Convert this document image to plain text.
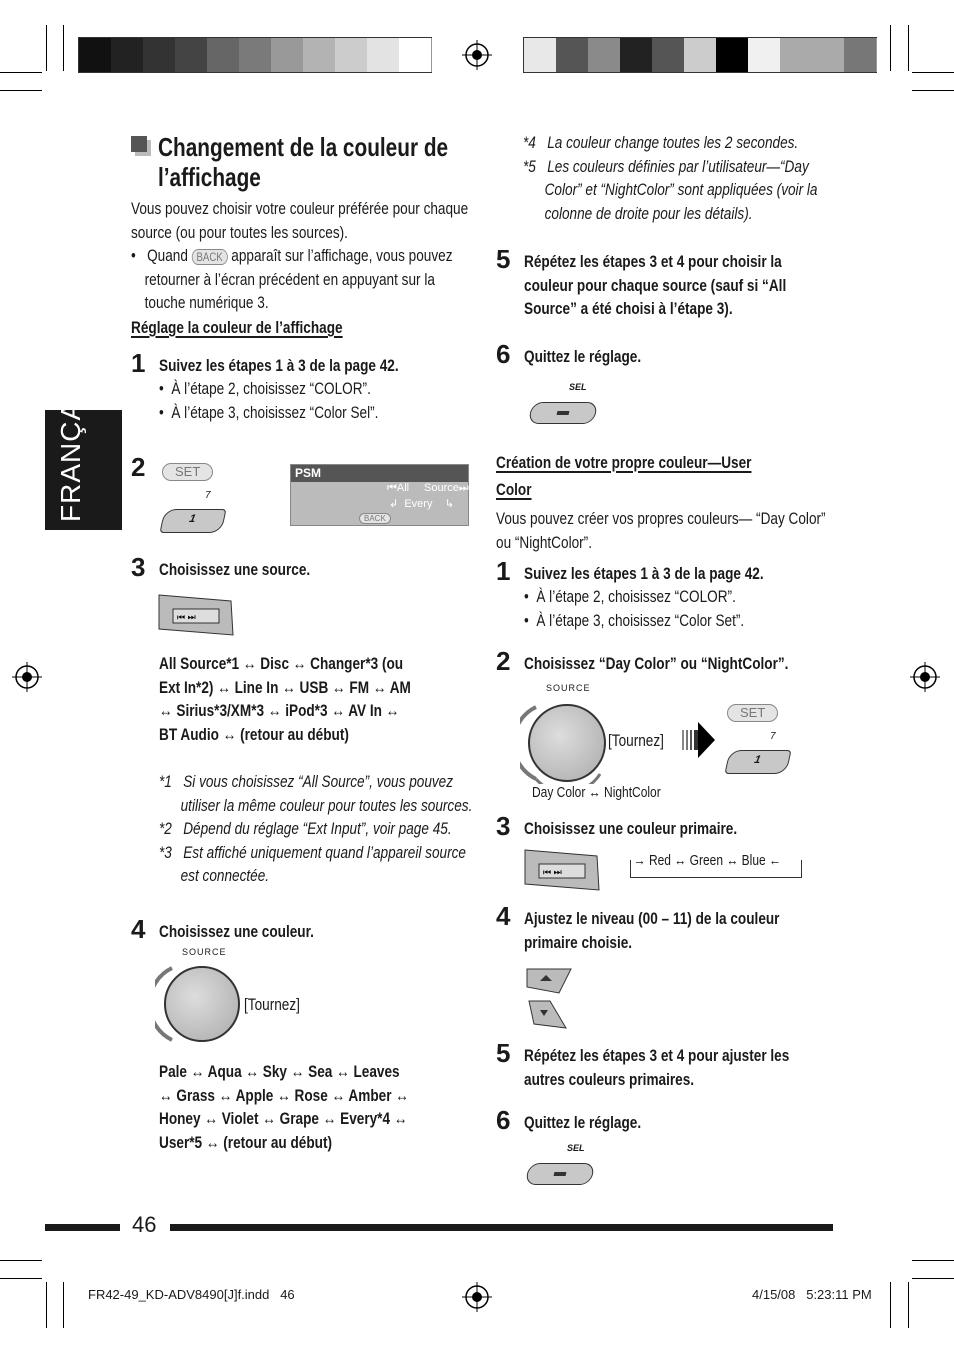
FRANÇAIS
Changement de la couleur de
l’affichage
Vous pouvez choisir votre couleur préférée pour chaque
source (ou pour toutes les sources).
•   Quand BACK apparaît sur l’affichage, vous pouvez
retourner à l’écran précédent en appuyant sur la
touche numérique 3.
Réglage la couleur de l’affichage
1 Suivez les étapes 1 à 3 de la page 42.
•  À l’étape 2, choisissez “COLOR”.
•  À l’étape 3, choisissez “Color Sel”.
2	SET
7
1
PSM
⏮All Source⏭
↲  Every    ↳
BACK
3 Choisissez une source.
⏮ ⏭
All Source*1 ↔ Disc ↔ Changer*3 (ou
Ext In*2) ↔ Line In ↔ USB ↔ FM ↔ AM
↔ Sirius*3/XM*3 ↔ iPod*3 ↔ AV In ↔
BT Audio ↔ (retour au début)
*1 Si vous choisissez “All Source”, vous pouvez
utiliser la même couleur pour toutes les sources.
*2 Dépend du réglage “Ext Input”, voir page 45.
*3 Est affiché uniquement quand l’appareil source
est connectée.
4 Choisissez une couleur.
SOURCE
[Tournez]
Pale ↔ Aqua ↔ Sky ↔ Sea ↔ Leaves
↔ Grass ↔ Apple ↔ Rose ↔ Amber ↔
Honey ↔ Violet ↔ Grape ↔ Every*4 ↔
User*5 ↔ (retour au début)
*4 La couleur change toutes les 2 secondes.
*5 Les couleurs définies par l’utilisateur—“Day
Color” et “NightColor” sont appliquées (voir la
colonne de droite pour les détails).
5 Répétez les étapes 3 et 4 pour choisir la
couleur pour chaque source (sauf si “All
Source” a été choisi à l’étape 3).
6 Quittez le réglage.
SEL
Création de votre propre couleur—User
Color
Vous pouvez créer vos propres couleurs— “Day Color”
ou “NightColor”.
1 Suivez les étapes 1 à 3 de la page 42.
•  À l’étape 2, choisissez “COLOR”.
•  À l’étape 3, choisissez “Color Set”.
2 Choisissez “Day Color” ou “NightColor”.
SOURCE
[Tournez]
SET
7
1
Day Color ↔ NightColor
3 Choisissez une couleur primaire.
⏮ ⏭
→ Red ↔ Green ↔ Blue ←
4 Ajustez le niveau (00 – 11) de la couleur
primaire choisie.
5 Répétez les étapes 3 et 4 pour ajuster les
autres couleurs primaires.
6 Quittez le réglage.
SEL
46
FR42-49_KD-ADV8490[J]f.indd   46	4/15/08   5:23:11 PM
